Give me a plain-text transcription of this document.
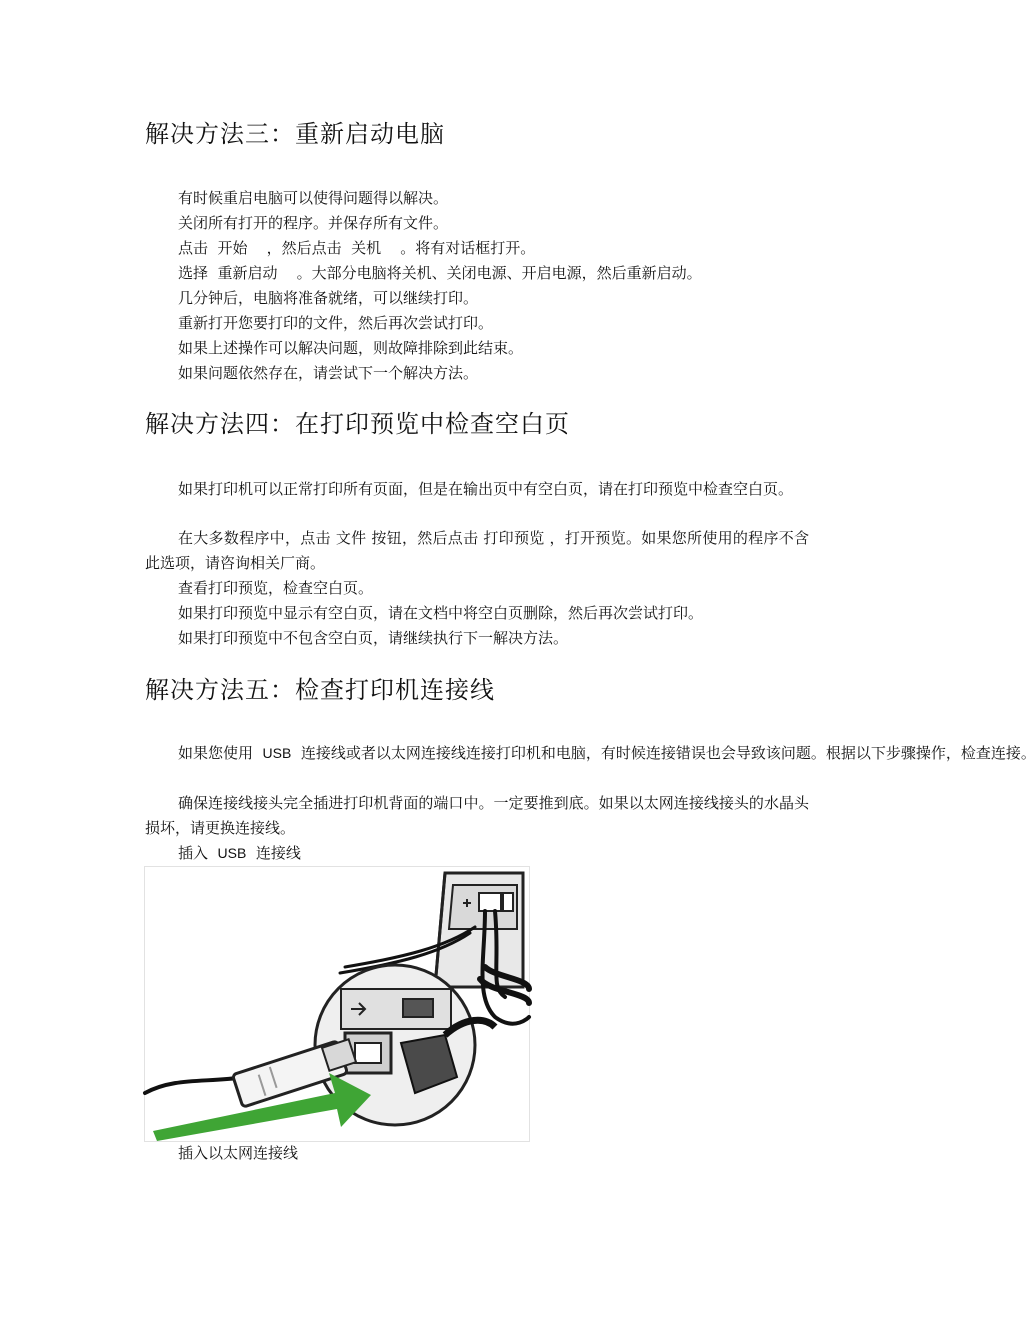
解决方法三：重新启动电脑

有时候重启电脑可以使得问题得以解决。

关闭所有打开的程序。并保存所有文件。

点击  开始    ，然后点击  关机    。将有对话框打开。

选择  重新启动    。大部分电脑将关机、关闭电源、开启电源，然后重新启动。

几分钟后，电脑将准备就绪，可以继续打印。

重新打开您要打印的文件，然后再次尝试打印。

如果上述操作可以解决问题，则故障排除到此结束。

如果问题依然存在，请尝试下一个解决方法。

解决方法四：在打印预览中检查空白页

如果打印机可以正常打印所有页面，但是在输出页中有空白页，请在打印预览中检查空白页。

在大多数程序中，点击 文件 按钮，然后点击 打印预览 ，打开预览。如果您所使用的程序不含此选项，请咨询相关厂商。

查看打印预览，检查空白页。

如果打印预览中显示有空白页，请在文档中将空白页删除，然后再次尝试打印。

如果打印预览中不包含空白页，请继续执行下一解决方法。

解决方法五：检查打印机连接线

如果您使用  USB  连接线或者以太网连接线连接打印机和电脑，有时候连接错误也会导致该问题。根据以下步骤操作，检查连接。

确保连接线接头完全插进打印机背面的端口中。一定要推到底。如果以太网连接线接头的水晶头损坏，请更换连接线。

插入  USB  连接线

插入以太网连接线
